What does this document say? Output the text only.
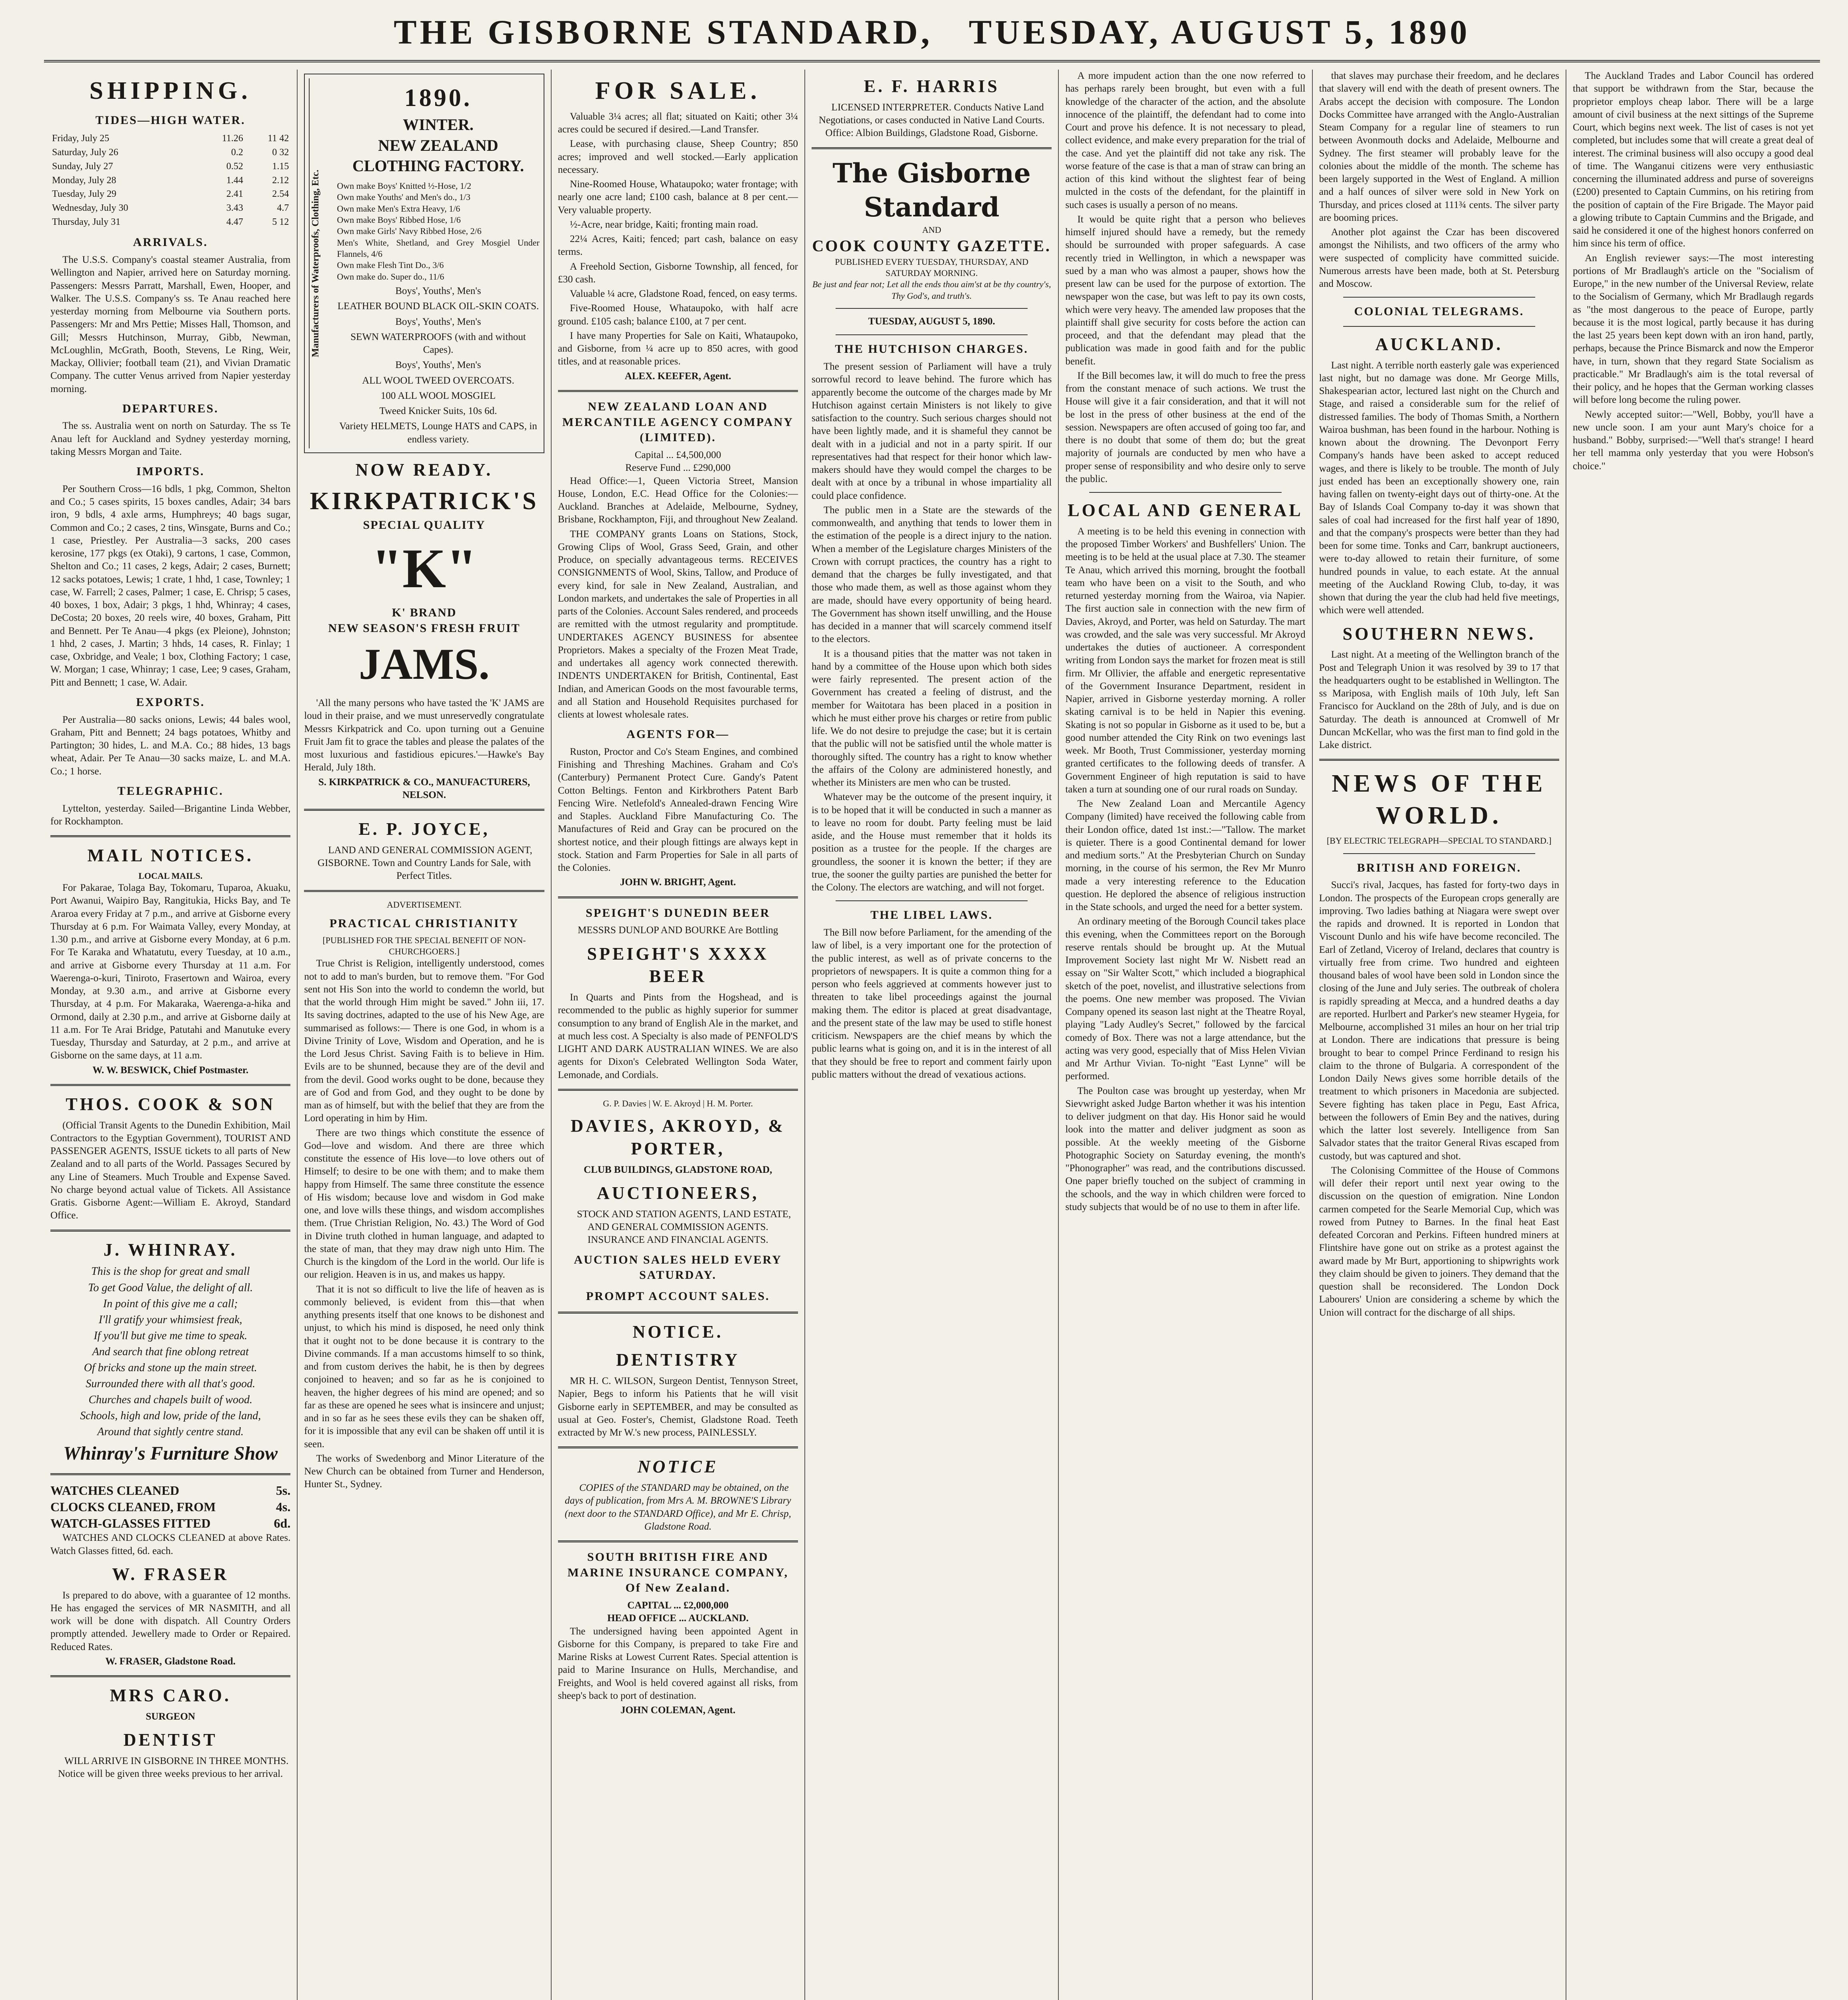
THE GISBORNE STANDARD, TUESDAY, AUGUST 5, 1890
SHIPPING.
TIDES—HIGH WATER.
Friday, July 25	11.26	11 42
Saturday, July 26	0.2	0 32
Sunday, July 27	0.52	1.15
Monday, July 28	1.44	2.12
Tuesday, July 29	2.41	2.54
Wednesday, July 30	3.43	4.7
Thursday, July 31	4.47	5 12
ARRIVALS.
The U.S.S. Company's coastal steamer Australia, from Wellington and Napier, arrived here on Saturday morning. Passengers: Messrs Parratt, Marshall, Ewen, Hooper, and Walker. The U.S.S. Company's ss. Te Anau reached here yesterday morning from Melbourne via Southern ports. Passengers: Mr and Mrs Pettie; Misses Hall, Thomson, and Gill; Messrs Hutchinson, Murray, Gibb, Newman, McLoughlin, McGrath, Booth, Stevens, Le Ring, Weir, Mackay, Ollivier; football team (21), and Vivian Dramatic Company. The cutter Venus arrived from Napier yesterday morning.
DEPARTURES.
The ss. Australia went on north on Saturday. The ss Te Anau left for Auckland and Sydney yesterday morning, taking Messrs Morgan and Taite.
IMPORTS.
Per Southern Cross—16 bdls, 1 pkg, Common, Shelton and Co.; 5 cases spirits, 15 boxes candles, Adair; 34 bars iron, 9 bdls, 4 axle arms, Humphreys; 40 bags sugar, Common and Co.; 2 cases, 2 tins, Winsgate, Burns and Co.; 1 case, Priestley. Per Australia—3 sacks, 200 cases kerosine, 177 pkgs (ex Otaki), 9 cartons, 1 case, Common, Shelton and Co.; 11 cases, 2 kegs, Adair; 2 cases, Burnett; 12 sacks potatoes, Lewis; 1 crate, 1 hhd, 1 case, Townley; 1 case, W. Farrell; 2 cases, Palmer; 1 case, E. Chrisp; 5 cases, 40 boxes, 1 box, Adair; 3 pkgs, 1 hhd, Whinray; 4 cases, DeCosta; 20 boxes, 20 reels wire, 40 boxes, Graham, Pitt and Bennett. Per Te Anau—4 pkgs (ex Pleione), Johnston; 1 hhd, 2 cases, J. Martin; 3 hhds, 14 cases, R. Finlay; 1 case, Oxbridge, and Veale; 1 box, Clothing Factory; 1 case, W. Morgan; 1 case, Whinray; 1 case, Lee; 9 cases, Graham, Pitt and Bennett; 1 case, W. Adair.
EXPORTS.
Per Australia—80 sacks onions, Lewis; 44 bales wool, Graham, Pitt and Bennett; 24 bags potatoes, Whitby and Partington; 30 hides, L. and M.A. Co.; 88 hides, 13 bags wheat, Adair. Per Te Anau—30 sacks maize, L. and M.A. Co.; 1 horse.
TELEGRAPHIC.
Lyttelton, yesterday. Sailed—Brigantine Linda Webber, for Rockhampton.
MAIL NOTICES.
LOCAL MAILS.
For Pakarae, Tolaga Bay, Tokomaru, Tuparoa, Akuaku, Port Awanui, Waipiro Bay, Rangitukia, Hicks Bay, and Te Araroa every Friday at 7 p.m., and arrive at Gisborne every Thursday at 6 p.m. For Waimata Valley, every Monday, at 1.30 p.m., and arrive at Gisborne every Monday, at 6 p.m. For Te Karaka and Whatatutu, every Tuesday, at 10 a.m., and arrive at Gisborne every Thursday at 11 a.m. For Waerenga-o-kuri, Tiniroto, Frasertown and Wairoa, every Monday, at 9.30 a.m., and arrive at Gisborne every Thursday, at 4 p.m. For Makaraka, Waerenga-a-hika and Ormond, daily at 2.30 p.m., and arrive at Gisborne daily at 11 a.m. For Te Arai Bridge, Patutahi and Manutuke every Tuesday, Thursday and Saturday, at 2 p.m., and arrive at Gisborne on the same days, at 11 a.m.
W. W. BESWICK, Chief Postmaster.
THOS. COOK & SON
(Official Transit Agents to the Dunedin Exhibition, Mail Contractors to the Egyptian Government), TOURIST AND PASSENGER AGENTS, ISSUE tickets to all parts of New Zealand and to all parts of the World. Passages Secured by any Line of Steamers. Much Trouble and Expense Saved. No charge beyond actual value of Tickets. All Assistance Gratis. Gisborne Agent:—William E. Akroyd, Standard Office.
J. WHINRAY.
This is the shop for great and small
To get Good Value, the delight of all.
In point of this give me a call;
I'll gratify your whimsiest freak,
If you'll but give me time to speak.
And search that fine oblong retreat
Of bricks and stone up the main street.
Surrounded there with all that's good.
Churches and chapels built of wood.
Schools, high and low, pride of the land,
Around that sightly centre stand.
Whinray's Furniture Show
WATCHES CLEANED	5s.
CLOCKS CLEANED, FROM	4s.
WATCH-GLASSES FITTED	6d.
WATCHES AND CLOCKS CLEANED at above Rates. Watch Glasses fitted, 6d. each.
W. FRASER
Is prepared to do above, with a guarantee of 12 months. He has engaged the services of MR NASMITH, and all work will be done with dispatch. All Country Orders promptly attended. Jewellery made to Order or Repaired. Reduced Rates.
W. FRASER, Gladstone Road.
MRS CARO.
SURGEON
DENTIST
WILL ARRIVE IN GISBORNE IN THREE MONTHS. Notice will be given three weeks previous to her arrival.
Manufacturers of Waterproofs, Clothing, Etc.
1890.
WINTER.
NEW ZEALAND CLOTHING FACTORY.
Own make Boys' Knitted ½-Hose, 1/2
Own make Youths' and Men's do., 1/3
Own make Men's Extra Heavy, 1/6
Own make Boys' Ribbed Hose, 1/6
Own make Girls' Navy Ribbed Hose, 2/6
Men's White, Shetland, and Grey Mosgiel Under Flannels, 4/6
Own make Flesh Tint Do., 3/6
Own make do. Super do., 11/6
Boys', Youths', Men's
LEATHER BOUND BLACK OIL-SKIN COATS.
Boys', Youths', Men's
SEWN WATERPROOFS (with and without Capes).
Boys', Youths', Men's
ALL WOOL TWEED OVERCOATS.
100 ALL WOOL MOSGIEL
Tweed Knicker Suits, 10s 6d.
Variety HELMETS, Lounge HATS and CAPS, in endless variety.
NOW READY.
KIRKPATRICK'S
SPECIAL QUALITY
"K"
K' BRAND
NEW SEASON'S FRESH FRUIT
JAMS.
'All the many persons who have tasted the 'K' JAMS are loud in their praise, and we must unreservedly congratulate Messrs Kirkpatrick and Co. upon turning out a Genuine Fruit Jam fit to grace the tables and please the palates of the most luxurious and fastidious epicures.'—Hawke's Bay Herald, July 18th.
S. KIRKPATRICK & CO., MANUFACTURERS, NELSON.
E. P. JOYCE,
LAND AND GENERAL COMMISSION AGENT, GISBORNE. Town and Country Lands for Sale, with Perfect Titles.
ADVERTISEMENT.
PRACTICAL CHRISTIANITY
[PUBLISHED FOR THE SPECIAL BENEFIT OF NON-CHURCHGOERS.]
True Christ is Religion, intelligently understood, comes not to add to man's burden, but to remove them. "For God sent not His Son into the world to condemn the world, but that the world through Him might be saved." John iii, 17. Its saving doctrines, adapted to the use of his New Age, are summarised as follows:— There is one God, in whom is a Divine Trinity of Love, Wisdom and Operation, and he is the Lord Jesus Christ. Saving Faith is to believe in Him. Evils are to be shunned, because they are of the devil and from the devil. Good works ought to be done, because they are of God and from God, and they ought to be done by man as of himself, but with the belief that they are from the Lord operating in him by Him.
There are two things which constitute the essence of God—love and wisdom. And there are three which constitute the essence of His love—to love others out of Himself; to desire to be one with them; and to make them happy from Himself. The same three constitute the essence of His wisdom; because love and wisdom in God make one, and love wills these things, and wisdom accomplishes them. (True Christian Religion, No. 43.) The Word of God in Divine truth clothed in human language, and adapted to the state of man, that they may draw nigh unto Him. The Church is the kingdom of the Lord in the world. Our life is our religion. Heaven is in us, and makes us happy.
That it is not so difficult to live the life of heaven as is commonly believed, is evident from this—that when anything presents itself that one knows to be dishonest and unjust, to which his mind is disposed, he need only think that it ought not to be done because it is contrary to the Divine commands. If a man accustoms himself to so think, and from custom derives the habit, he is then by degrees conjoined to heaven; and so far as he is conjoined to heaven, the higher degrees of his mind are opened; and so far as these are opened he sees what is insincere and unjust; and in so far as he sees these evils they can be shaken off, for it is impossible that any evil can be shaken off until it is seen.
The works of Swedenborg and Minor Literature of the New Church can be obtained from Turner and Henderson, Hunter St., Sydney.
FOR SALE.
Valuable 3¼ acres; all flat; situated on Kaiti; other 3¼ acres could be secured if desired.—Land Transfer.
Lease, with purchasing clause, Sheep Country; 850 acres; improved and well stocked.—Early application necessary.
Nine-Roomed House, Whataupoko; water frontage; with nearly one acre land; £100 cash, balance at 8 per cent.—Very valuable property.
½-Acre, near bridge, Kaiti; fronting main road.
22¼ Acres, Kaiti; fenced; part cash, balance on easy terms.
A Freehold Section, Gisborne Township, all fenced, for £30 cash.
Valuable ¼ acre, Gladstone Road, fenced, on easy terms.
Five-Roomed House, Whataupoko, with half acre ground. £105 cash; balance £100, at 7 per cent.
I have many Properties for Sale on Kaiti, Whataupoko, and Gisborne, from ¼ acre up to 850 acres, with good titles, and at reasonable prices.
ALEX. KEEFER, Agent.
NEW ZEALAND LOAN AND MERCANTILE AGENCY COMPANY (LIMITED).
Capital ... £4,500,000
Reserve Fund ... £290,000
Head Office:—1, Queen Victoria Street, Mansion House, London, E.C. Head Office for the Colonies:—Auckland. Branches at Adelaide, Melbourne, Sydney, Brisbane, Rockhampton, Fiji, and throughout New Zealand.
THE COMPANY grants Loans on Stations, Stock, Growing Clips of Wool, Grass Seed, Grain, and other Produce, on specially advantageous terms. RECEIVES CONSIGNMENTS of Wool, Skins, Tallow, and Produce of every kind, for sale in New Zealand, Australian, and London markets, and undertakes the sale of Properties in all parts of the Colonies. Account Sales rendered, and proceeds are remitted with the utmost regularity and promptitude. UNDERTAKES AGENCY BUSINESS for absentee Proprietors. Makes a specialty of the Frozen Meat Trade, and undertakes all agency work connected therewith. INDENTS UNDERTAKEN for British, Continental, East Indian, and American Goods on the most favourable terms, and all Station and Household Requisites purchased for clients at lowest wholesale rates.
AGENTS FOR—
Ruston, Proctor and Co's Steam Engines, and combined Finishing and Threshing Machines. Graham and Co's (Canterbury) Permanent Protect Cure. Gandy's Patent Cotton Beltings. Fenton and Kirkbrothers Patent Barb Fencing Wire. Netlefold's Annealed-drawn Fencing Wire and Staples. Auckland Fibre Manufacturing Co. The Manufactures of Reid and Gray can be procured on the shortest notice, and their plough fittings are always kept in stock. Station and Farm Properties for Sale in all parts of the Colonies.
JOHN W. BRIGHT, Agent.
SPEIGHT'S DUNEDIN BEER
MESSRS DUNLOP AND BOURKE Are Bottling
SPEIGHT'S XXXX BEER
In Quarts and Pints from the Hogshead, and is recommended to the public as highly superior for summer consumption to any brand of English Ale in the market, and at much less cost. A Specialty is also made of PENFOLD'S LIGHT AND DARK AUSTRALIAN WINES. We are also agents for Dixon's Celebrated Wellington Soda Water, Lemonade, and Cordials.
G. P. Davies | W. E. Akroyd | H. M. Porter.
DAVIES, AKROYD, & PORTER,
CLUB BUILDINGS, GLADSTONE ROAD,
AUCTIONEERS,
STOCK AND STATION AGENTS, LAND ESTATE, AND GENERAL COMMISSION AGENTS. INSURANCE AND FINANCIAL AGENTS.
AUCTION SALES HELD EVERY SATURDAY.
PROMPT ACCOUNT SALES.
NOTICE.
DENTISTRY
MR H. C. WILSON, Surgeon Dentist, Tennyson Street, Napier, Begs to inform his Patients that he will visit Gisborne early in SEPTEMBER, and may be consulted as usual at Geo. Foster's, Chemist, Gladstone Road. Teeth extracted by Mr W.'s new process, PAINLESSLY.
NOTICE
COPIES of the STANDARD may be obtained, on the days of publication, from Mrs A. M. BROWNE'S Library (next door to the STANDARD Office), and Mr E. Chrisp, Gladstone Road.
SOUTH BRITISH FIRE AND MARINE INSURANCE COMPANY, Of New Zealand.
CAPITAL ... £2,000,000
HEAD OFFICE ... AUCKLAND.
The undersigned having been appointed Agent in Gisborne for this Company, is prepared to take Fire and Marine Risks at Lowest Current Rates. Special attention is paid to Marine Insurance on Hulls, Merchandise, and Freights, and Wool is held covered against all risks, from sheep's back to port of destination.
JOHN COLEMAN, Agent.
E. F. HARRIS
LICENSED INTERPRETER. Conducts Native Land Negotiations, or cases conducted in Native Land Courts. Office: Albion Buildings, Gladstone Road, Gisborne.
The Gisborne Standard
AND
COOK COUNTY GAZETTE.
PUBLISHED EVERY TUESDAY, THURSDAY, AND SATURDAY MORNING.
Be just and fear not; Let all the ends thou aim'st at be thy country's, Thy God's, and truth's.
TUESDAY, AUGUST 5, 1890.
THE HUTCHISON CHARGES.
The present session of Parliament will have a truly sorrowful record to leave behind. The furore which has apparently become the outcome of the charges made by Mr Hutchison against certain Ministers is not likely to give satisfaction to the country. Such serious charges should not have been lightly made, and it is shameful they cannot be dealt with in a judicial and not in a party spirit. If our representatives had that respect for their honor which law-makers should have they would compel the charges to be dealt with at once by a tribunal in whose impartiality all could place confidence.
The public men in a State are the stewards of the commonwealth, and anything that tends to lower them in the estimation of the people is a direct injury to the nation. When a member of the Legislature charges Ministers of the Crown with corrupt practices, the country has a right to demand that the charges be fully investigated, and that those who made them, as well as those against whom they are made, should have every opportunity of being heard. The Government has shown itself unwilling, and the House has decided in a manner that will scarcely commend itself to the electors.
It is a thousand pities that the matter was not taken in hand by a committee of the House upon which both sides were fairly represented. The present action of the Government has created a feeling of distrust, and the member for Waitotara has been placed in a position in which he must either prove his charges or retire from public life. We do not desire to prejudge the case; but it is certain that the public will not be satisfied until the whole matter is thoroughly sifted. The country has a right to know whether the affairs of the Colony are administered honestly, and whether its Ministers are men who can be trusted.
Whatever may be the outcome of the present inquiry, it is to be hoped that it will be conducted in such a manner as to leave no room for doubt. Party feeling must be laid aside, and the House must remember that it holds its position as a trustee for the people. If the charges are groundless, the sooner it is known the better; if they are true, the sooner the guilty parties are punished the better for the Colony. The electors are watching, and will not forget.
THE LIBEL LAWS.
The Bill now before Parliament, for the amending of the law of libel, is a very important one for the protection of the public interest, as well as of private concerns to the proprietors of newspapers. It is quite a common thing for a person who feels aggrieved at comments however just to threaten to take libel proceedings against the journal making them. The editor is placed at great disadvantage, and the present state of the law may be used to stifle honest criticism. Newspapers are the chief means by which the public learns what is going on, and it is in the interest of all that they should be free to report and comment fairly upon public matters without the dread of vexatious actions.
A more impudent action than the one now referred to has perhaps rarely been brought, but even with a full knowledge of the character of the action, and the absolute innocence of the plaintiff, the defendant had to come into Court and prove his defence. It is not necessary to plead, collect evidence, and make every preparation for the trial of the case. And yet the plaintiff did not take any risk. The worse feature of the case is that a man of straw can bring an action of this kind without the slightest fear of being mulcted in the costs of the defendant, for the plaintiff in such cases is usually a person of no means.
It would be quite right that a person who believes himself injured should have a remedy, but the remedy should be surrounded with proper safeguards. A case recently tried in Wellington, in which a newspaper was sued by a man who was almost a pauper, shows how the present law can be used for the purpose of extortion. The newspaper won the case, but was left to pay its own costs, which were very heavy. The amended law proposes that the plaintiff shall give security for costs before the action can proceed, and that the defendant may plead that the publication was made in good faith and for the public benefit.
If the Bill becomes law, it will do much to free the press from the constant menace of such actions. We trust the House will give it a fair consideration, and that it will not be lost in the press of other business at the end of the session. Newspapers are often accused of going too far, and there is no doubt that some of them do; but the great majority of journals are conducted by men who have a proper sense of responsibility and who desire only to serve the public.
LOCAL AND GENERAL
A meeting is to be held this evening in connection with the proposed Timber Workers' and Bushfellers' Union. The meeting is to be held at the usual place at 7.30. The steamer Te Anau, which arrived this morning, brought the football team who have been on a visit to the South, and who returned yesterday morning from the Wairoa, via Napier. The first auction sale in connection with the new firm of Davies, Akroyd, and Porter, was held on Saturday. The mart was crowded, and the sale was very successful. Mr Akroyd undertakes the duties of auctioneer. A correspondent writing from London says the market for frozen meat is still firm. Mr Ollivier, the affable and energetic representative of the Government Insurance Department, resident in Napier, arrived in Gisborne yesterday morning. A roller skating carnival is to be held in Napier this evening. Skating is not so popular in Gisborne as it used to be, but a good number attended the City Rink on two evenings last week. Mr Booth, Trust Commissioner, yesterday morning granted certificates to the following deeds of transfer. A Government Engineer of high reputation is said to have taken a turn at sounding one of our rural roads on Sunday.
The New Zealand Loan and Mercantile Agency Company (limited) have received the following cable from their London office, dated 1st inst.:—"Tallow. The market is quieter. There is a good Continental demand for lower and medium sorts." At the Presbyterian Church on Sunday morning, in the course of his sermon, the Rev Mr Munro made a very interesting reference to the Education question. He deplored the absence of religious instruction in the State schools, and urged the need for a better system.
An ordinary meeting of the Borough Council takes place this evening, when the Committees report on the Borough reserve rentals should be brought up. At the Mutual Improvement Society last night Mr W. Nisbett read an essay on "Sir Walter Scott," which included a biographical sketch of the poet, novelist, and illustrative selections from the poems. One new member was proposed. The Vivian Company opened its season last night at the Theatre Royal, playing "Lady Audley's Secret," followed by the farcical comedy of Box. There was not a large attendance, but the acting was very good, especially that of Miss Helen Vivian and Mr Arthur Vivian. To-night "East Lynne" will be performed.
The Poulton case was brought up yesterday, when Mr Sievwright asked Judge Barton whether it was his intention to deliver judgment on that day. His Honor said he would look into the matter and deliver judgment as soon as possible. At the weekly meeting of the Gisborne Photographic Society on Saturday evening, the month's "Phonographer" was read, and the contributions discussed. One paper briefly touched on the subject of cramming in the schools, and the way in which children were forced to study subjects that would be of no use to them in after life.
that slaves may purchase their freedom, and he declares that slavery will end with the death of present owners. The Arabs accept the decision with composure. The London Docks Committee have arranged with the Anglo-Australian Steam Company for a regular line of steamers to run between Avonmouth docks and Adelaide, Melbourne and Sydney. The first steamer will probably leave for the colonies about the middle of the month. The scheme has been largely supported in the West of England. A million and a half ounces of silver were sold in New York on Thursday, and prices closed at 111¾ cents. The silver party are booming prices.
Another plot against the Czar has been discovered amongst the Nihilists, and two officers of the army who were suspected of complicity have committed suicide. Numerous arrests have been made, both at St. Petersburg and Moscow.
COLONIAL TELEGRAMS.
AUCKLAND.
Last night. A terrible north easterly gale was experienced last night, but no damage was done. Mr George Mills, Shakespearian actor, lectured last night on the Church and Stage, and raised a considerable sum for the relief of distressed families. The body of Thomas Smith, a Northern Wairoa bushman, has been found in the harbour. Nothing is known about the drowning. The Devonport Ferry Company's hands have been asked to accept reduced wages, and there is likely to be trouble. The month of July just ended has been an exceptionally showery one, rain having fallen on twenty-eight days out of thirty-one. At the Bay of Islands Coal Company to-day it was shown that sales of coal had increased for the first half year of 1890, and that the company's prospects were better than they had been for some time. Tonks and Carr, bankrupt auctioneers, were to-day allowed to retain their furniture, of some hundred pounds in value, to each estate. At the annual meeting of the Auckland Rowing Club, to-day, it was shown that during the year the club had held five meetings, which were well attended.
SOUTHERN NEWS.
Last night. At a meeting of the Wellington branch of the Post and Telegraph Union it was resolved by 39 to 17 that the headquarters ought to be established in Wellington. The ss Mariposa, with English mails of 10th July, left San Francisco for Auckland on the 28th of July, and is due on Saturday. The death is announced at Cromwell of Mr Duncan McKellar, who was the first man to find gold in the Lake district.
NEWS OF THE WORLD.
[BY ELECTRIC TELEGRAPH—SPECIAL TO STANDARD.]
BRITISH AND FOREIGN.
Succi's rival, Jacques, has fasted for forty-two days in London. The prospects of the European crops generally are improving. Two ladies bathing at Niagara were swept over the rapids and drowned. It is reported in London that Viscount Dunlo and his wife have become reconciled. The Earl of Zetland, Viceroy of Ireland, declares that country is virtually free from crime. Two hundred and eighteen thousand bales of wool have been sold in London since the closing of the June and July series. The outbreak of cholera is rapidly spreading at Mecca, and a hundred deaths a day are reported. Hurlbert and Parker's new steamer Hygeia, for Melbourne, accomplished 31 miles an hour on her trial trip at London. There are indications that pressure is being brought to bear to compel Prince Ferdinand to resign his claim to the throne of Bulgaria. A correspondent of the London Daily News gives some horrible details of the treatment to which prisoners in Macedonia are subjected. Severe fighting has taken place in Pegu, East Africa, between the followers of Emin Bey and the natives, during which the latter lost severely. Intelligence from San Salvador states that the traitor General Rivas escaped from custody, but was captured and shot.
The Colonising Committee of the House of Commons will defer their report until next year owing to the discussion on the question of emigration. Nine London carmen competed for the Searle Memorial Cup, which was rowed from Putney to Barnes. In the final heat East defeated Corcoran and Perkins. Fifteen hundred miners at Flintshire have gone out on strike as a protest against the award made by Mr Burt, apportioning to shipwrights work they claim should be given to joiners. They demand that the question shall be reconsidered. The London Dock Labourers' Union are considering a scheme by which the Union will contract for the discharge of all ships.
The Auckland Trades and Labor Council has ordered that support be withdrawn from the Star, because the proprietor employs cheap labor. There will be a large amount of civil business at the next sittings of the Supreme Court, which begins next week. The list of cases is not yet completed, but includes some that will create a great deal of interest. The criminal business will also occupy a good deal of time. The Wanganui citizens were very enthusiastic concerning the illuminated address and purse of sovereigns (£200) presented to Captain Cummins, on his retiring from the position of captain of the Fire Brigade. The Mayor paid a glowing tribute to Captain Cummins and the Brigade, and said he considered it one of the highest honors conferred on him since his term of office.
An English reviewer says:—The most interesting portions of Mr Bradlaugh's article on the "Socialism of Europe," in the new number of the Universal Review, relate to the Socialism of Germany, which Mr Bradlaugh regards as "the most dangerous to the peace of Europe, partly because it is the most logical, partly because it has during the last 25 years been kept down with an iron hand, partly, perhaps, because the Prince Bismarck and now the Emperor have, in turn, shown that they regard State Socialism as practicable." Mr Bradlaugh's aim is the total reversal of their policy, and he hopes that the German working classes will before long become the ruling power.
Newly accepted suitor:—"Well, Bobby, you'll have a new uncle soon. I am your aunt Mary's choice for a husband." Bobby, surprised:—"Well that's strange! I heard her tell mamma only yesterday that you were Hobson's choice."
